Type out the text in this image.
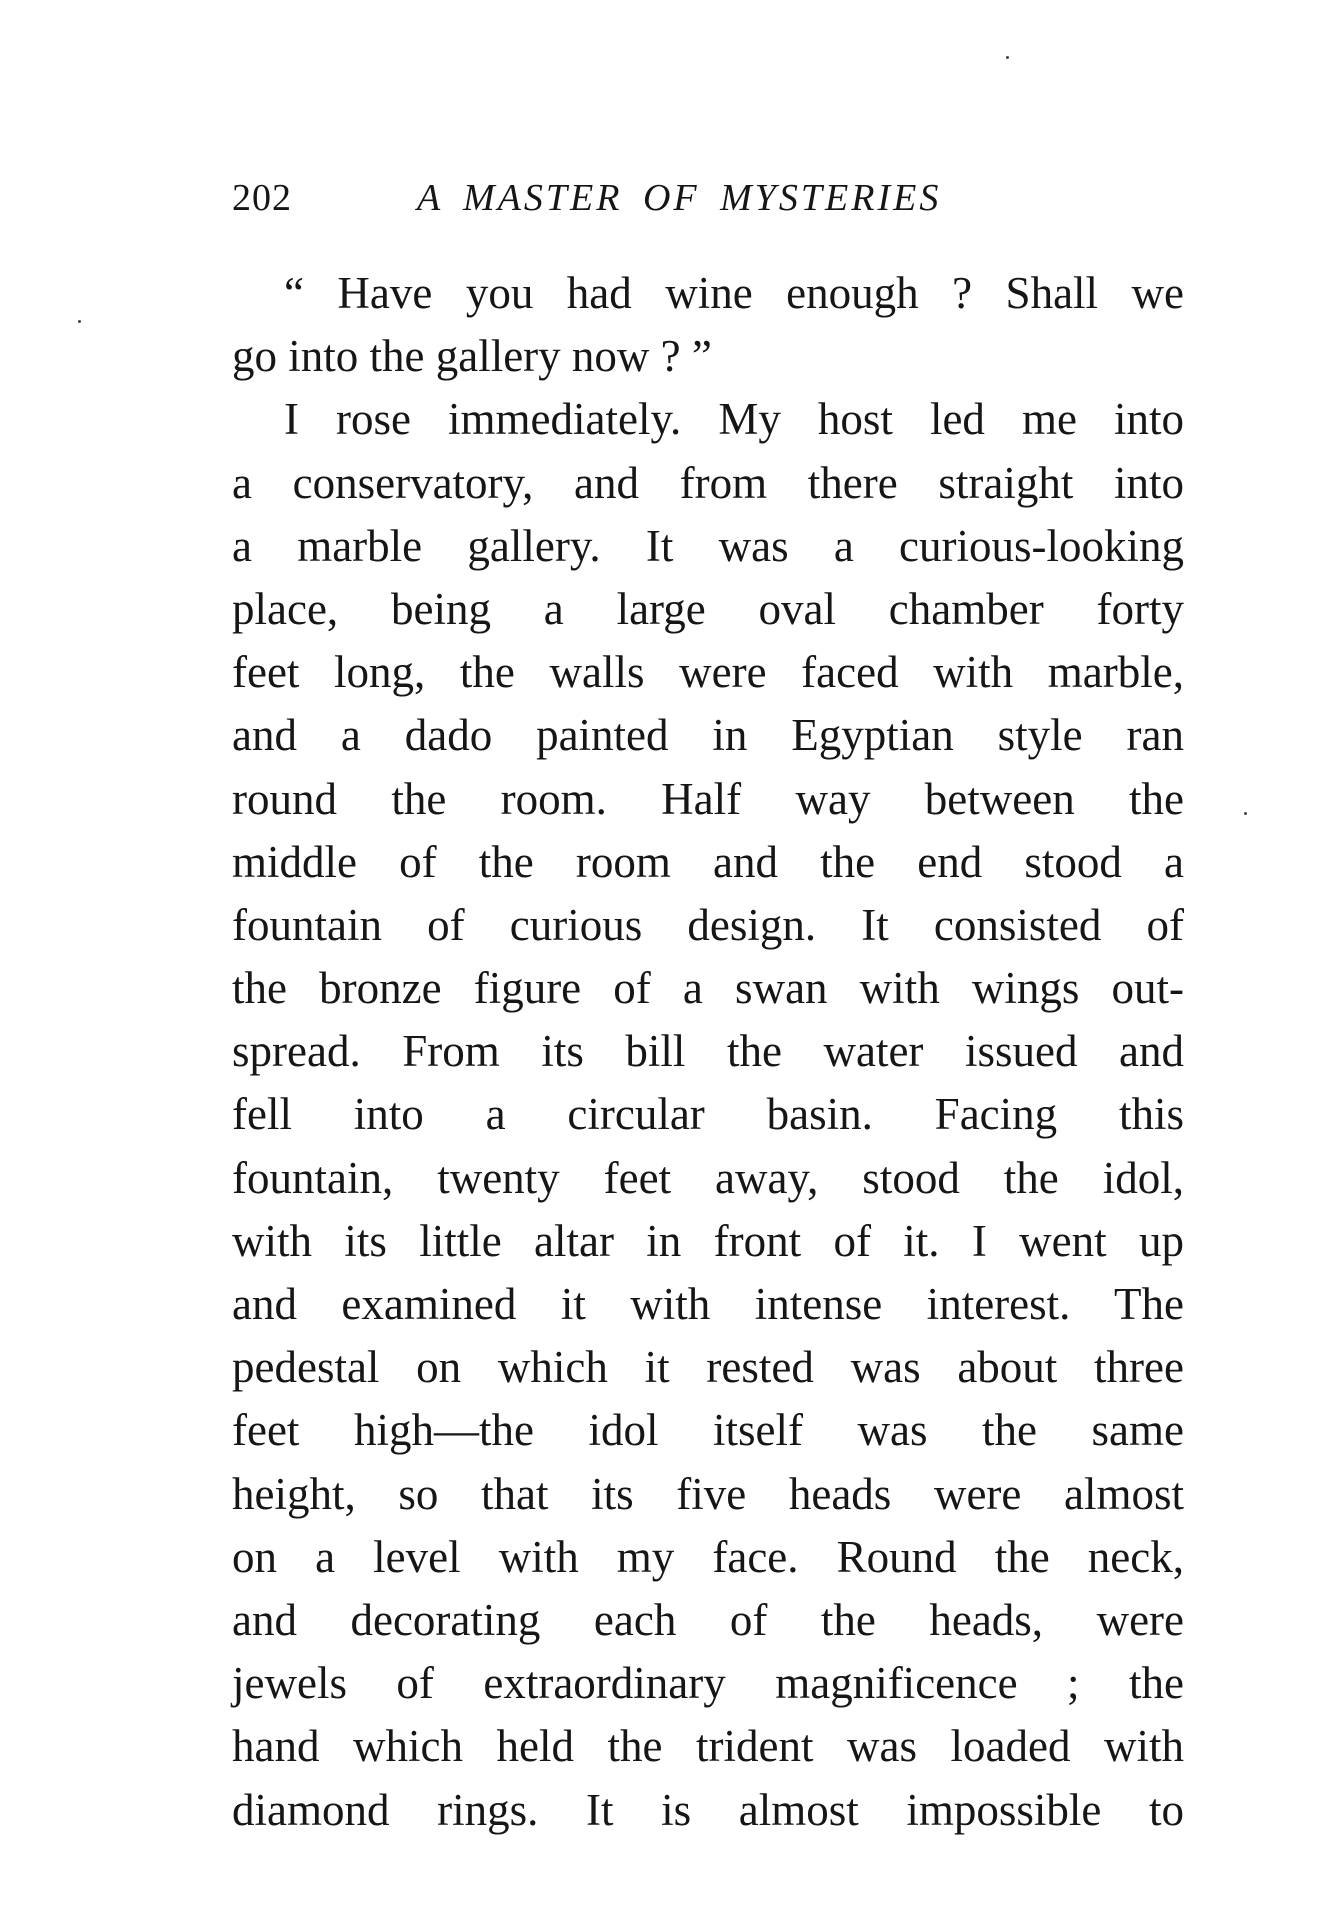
202	A MASTER OF MYSTERIES
“ Have you had wine enough ? Shall we
go into the gallery now ? ”
I rose immediately. My host led me into
a conservatory, and from there straight into
a marble gallery. It was a curious-looking
place, being a large oval chamber forty
feet long, the walls were faced with marble,
and a dado painted in Egyptian style ran
round the room. Half way between the
middle of the room and the end stood a
fountain of curious design. It consisted of
the bronze figure of a swan with wings out-
spread. From its bill the water issued and
fell into a circular basin. Facing this
fountain, twenty feet away, stood the idol,
with its little altar in front of it. I went up
and examined it with intense interest. The
pedestal on which it rested was about three
feet high—the idol itself was the same
height, so that its five heads were almost
on a level with my face. Round the neck,
and decorating each of the heads, were
jewels of extraordinary magnificence ; the
hand which held the trident was loaded with
diamond rings. It is almost impossible to
